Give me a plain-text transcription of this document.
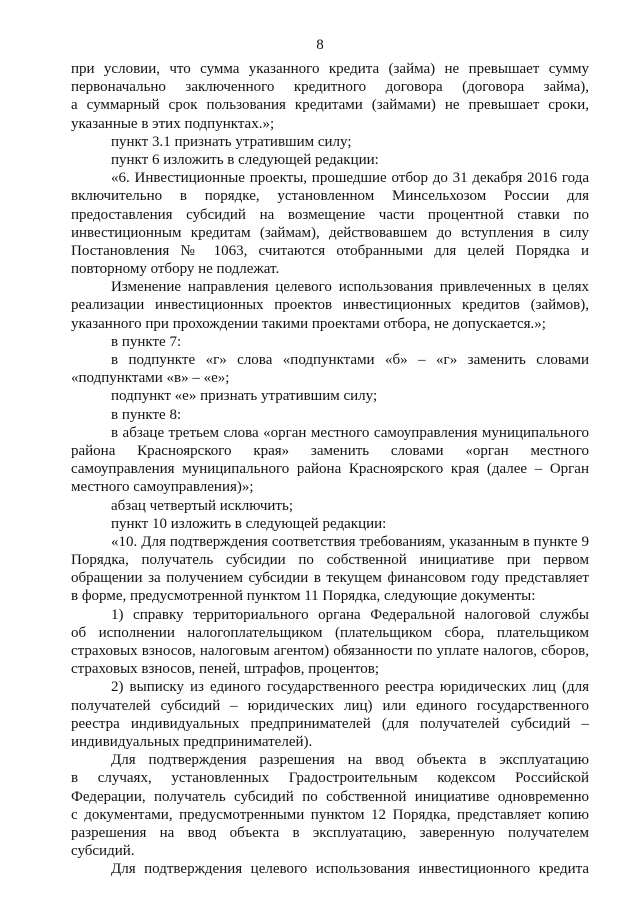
8
при условии, что сумма указанного кредита (займа) не превышает сумму
первоначально заключенного кредитного договора (договора займа),
а суммарный срок пользования кредитами (займами) не превышает сроки,
указанные в этих подпунктах.»;
пункт 3.1 признать утратившим силу;
пункт 6 изложить в следующей редакции:
«6. Инвестиционные проекты, прошедшие отбор до 31 декабря 2016 года
включительно в порядке, установленном Минсельхозом России для
предоставления субсидий на возмещение части процентной ставки по
инвестиционным кредитам (займам), действовавшем до вступления в силу
Постановления № 1063, считаются отобранными для целей Порядка и
повторному отбору не подлежат.
Изменение направления целевого использования привлеченных в целях
реализации инвестиционных проектов инвестиционных кредитов (займов),
указанного при прохождении такими проектами отбора, не допускается.»;
в пункте 7:
в подпункте «г» слова «подпунктами «б» – «г» заменить словами
«подпунктами «в» – «е»;
подпункт «е» признать утратившим силу;
в пункте 8:
в абзаце третьем слова «орган местного самоуправления муниципального
района Красноярского края» заменить словами «орган местного
самоуправления муниципального района Красноярского края (далее – Орган
местного самоуправления)»;
абзац четвертый исключить;
пункт 10 изложить в следующей редакции:
«10. Для подтверждения соответствия требованиям, указанным в пункте 9
Порядка, получатель субсидии по собственной инициативе при первом
обращении за получением субсидии в текущем финансовом году представляет
в форме, предусмотренной пунктом 11 Порядка, следующие документы:
1) справку территориального органа Федеральной налоговой службы
об исполнении налогоплательщиком (плательщиком сбора, плательщиком
страховых взносов, налоговым агентом) обязанности по уплате налогов, сборов,
страховых взносов, пеней, штрафов, процентов;
2) выписку из единого государственного реестра юридических лиц (для
получателей субсидий – юридических лиц) или единого государственного
реестра индивидуальных предпринимателей (для получателей субсидий –
индивидуальных предпринимателей).
Для подтверждения разрешения на ввод объекта в эксплуатацию
в случаях, установленных Градостроительным кодексом Российской
Федерации, получатель субсидий по собственной инициативе одновременно
с документами, предусмотренными пунктом 12 Порядка, представляет копию
разрешения на ввод объекта в эксплуатацию, заверенную получателем
субсидий.
Для подтверждения целевого использования инвестиционного кредита
